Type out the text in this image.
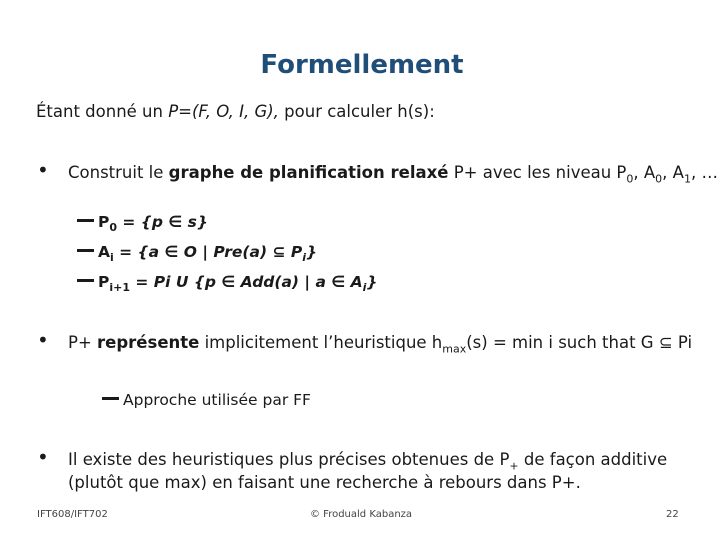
Formellement
Étant donné un P=(F, O, I, G), pour calculer h(s):
• Construit le graphe de planification relaxé P+ avec les niveau $P_0$, $A_0$, $A_1$, …
$P_0 = \{p$ ∈ s}
$A_i = \{a$ ∈ O | Pre(a) ⊆ $P_i$}
$P_{i+1} = Pi$ U {p ∈ Add(a) | a ∈ $A_i$}
• P+ représente implicitement l’heuristique $h_{max}(s) = \min i$ such that G ⊆ Pi
Approche utilisée par FF
• Il existe des heuristiques plus précises obtenues de $P_+$ de façon additive
(plutôt que max) en faisant une recherche à rebours dans P+.
IFT608/IFT702	© Froduald Kabanza	22
